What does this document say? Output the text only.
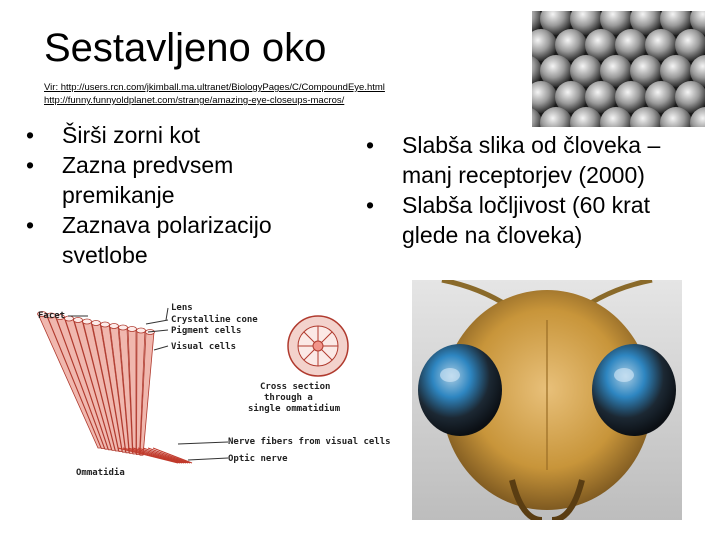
Sestavljeno oko
Vir: http://users.rcn.com/jkimball.ma.ultranet/BiologyPages/C/CompoundEye.html
http://funny.funnyoldplanet.com/strange/amazing-eye-closeups-macros/
•	Širši zorni kot
•	Zazna predvsem premikanje
•	Zaznava polarizacijo svetlobe
•	Slabša slika od človeka – manj receptorjev (2000)
•	Slabša ločljivost (60 krat glede na človeka)
Facet
Lens
Crystalline cone
Pigment cells
Visual cells
Cross section
through a
single ommatidium
Nerve fibers from visual cells
Optic nerve
Ommatidia
